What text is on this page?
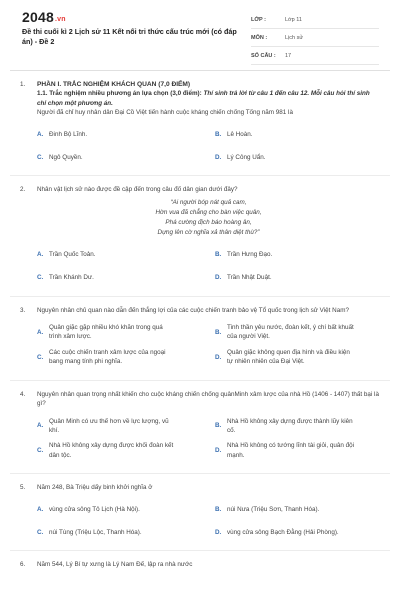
2048.vn
Đề thi cuối kì 2 Lịch sử 11 Kết nối tri thức cấu trúc mới (có đáp án) - Đề 2
LỚP :	Lớp 11
MÔN :	Lịch sử
SỐ CÂU :	17
1. PHẦN I. TRẮC NGHIỆM KHÁCH QUAN (7,0 ĐIỂM)
1.1. Trắc nghiệm nhiều phương án lựa chọn (3,0 điểm): Thí sinh trả lời từ câu 1 đến câu 12. Mỗi câu hỏi thí sinh chỉ chọn một phương án.
Người đã chỉ huy nhân dân Đại Cồ Việt tiến hành cuộc kháng chiến chống Tống năm 981 là
A. Đinh Bộ Lĩnh.	B. Lê Hoàn.
C. Ngô Quyền.	D. Lý Công Uẩn.
2. Nhân vật lịch sử nào được đề cập đến trong câu đố dân gian dưới đây?
“Ai người bóp nát quả cam,
Hờn vua đã chẳng cho bàn việc quân,
Phá cường địch báo hoàng ân,
Dựng lên cờ nghĩa xả thân diệt thù?”
A. Trần Quốc Toản.	B. Trần Hưng Đạo.
C. Trần Khánh Dư.	D. Trần Nhật Duật.
3. Nguyên nhân chủ quan nào dẫn đến thắng lợi của các cuộc chiến tranh bảo vệ Tổ quốc trong lịch sử Việt Nam?
A.
Quân giặc gặp nhiều khó khăn trong quá trình xâm lược.
B.
Tinh thần yêu nước, đoàn kết, ý chí bất khuất của người Việt.
C.
Các cuộc chiến tranh xâm lược của ngoại bang mang tính phi nghĩa.
D.
Quân giặc không quen địa hình và điều kiện tự nhiên nhiên của Đại Việt.
4. Nguyên nhân quan trọng nhất khiến cho cuộc kháng chiến chống quânMinh xâm lược của nhà Hồ (1406 - 1407) thất bại là gì?
A.
Quân Minh có ưu thế hơn về lực lượng, vũ khí.
B.
Nhà Hồ không xây dựng được thành lũy kiên cố.
C.
Nhà Hồ không xây dựng được khối đoàn kết dân tộc.
D.
Nhà Hồ không có tướng lĩnh tài giỏi, quân đội mạnh.
5. Năm 248, Bà Triệu dấy binh khởi nghĩa ở
A. vùng cửa sông Tô Lịch (Hà Nội).	B. núi Nưa (Triệu Sơn, Thanh Hóa).
C. núi Tùng (Triệu Lộc, Thanh Hóa).	D. vùng cửa sông Bạch Đằng (Hải Phòng).
6. Năm 544, Lý Bí tự xưng là Lý Nam Đế, lập ra nhà nước
